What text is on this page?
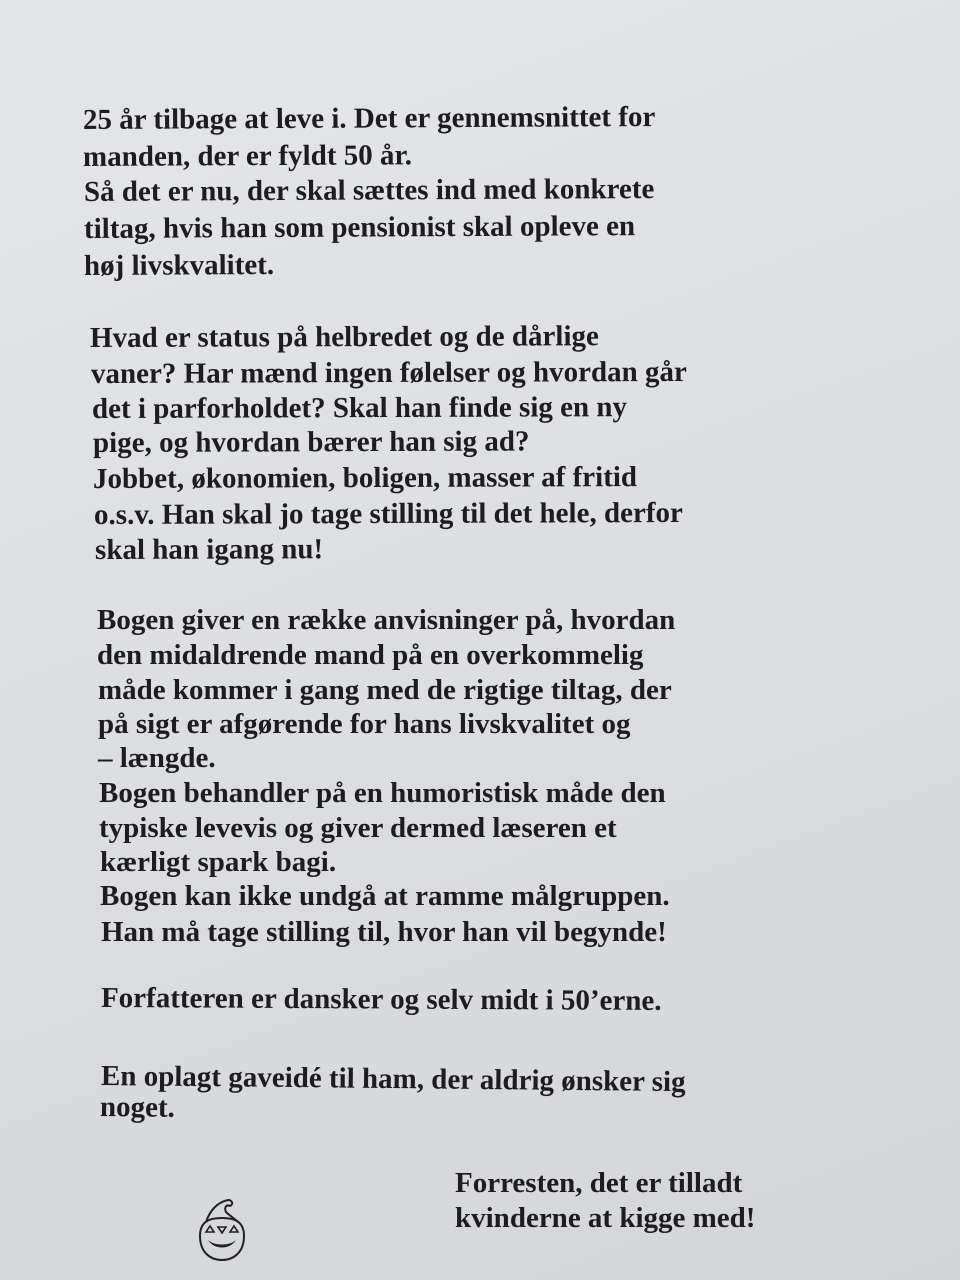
25 år tilbage at leve i. Det er gennemsnittet for
manden, der er fyldt 50 år.
Så det er nu, der skal sættes ind med konkrete
tiltag, hvis han som pensionist skal opleve en
høj livskvalitet.
Hvad er status på helbredet og de dårlige
vaner? Har mænd ingen følelser og hvordan går
det i parforholdet? Skal han finde sig en ny
pige, og hvordan bærer han sig ad?
Jobbet, økonomien, boligen, masser af fritid
o.s.v. Han skal jo tage stilling til det hele, derfor
skal han igang nu!
Bogen giver en række anvisninger på, hvordan
den midaldrende mand på en overkommelig
måde kommer i gang med de rigtige tiltag, der
på sigt er afgørende for hans livskvalitet og
– længde.
Bogen behandler på en humoristisk måde den
typiske levevis og giver dermed læseren et
kærligt spark bagi.
Bogen kan ikke undgå at ramme målgruppen.
Han må tage stilling til, hvor han vil begynde!
Forfatteren er dansker og selv midt i 50’erne.
En oplagt gaveidé til ham, der aldrig ønsker sig
noget.
Forresten, det er tilladt
kvinderne at kigge med!
